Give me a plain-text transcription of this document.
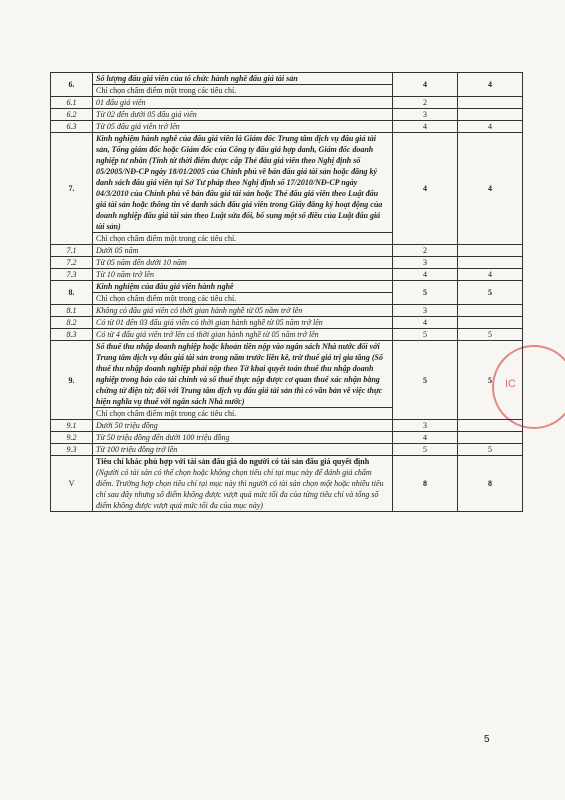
IC
6.	Số lượng đấu giá viên của tổ chức hành nghề đấu giá tài sản	4	4
	Chỉ chọn chấm điểm một trong các tiêu chí.		
6.1	01 đấu giá viên	2	
6.2	Từ 02 đến dưới 05 đấu giá viên	3	
6.3	Từ 05 đấu giá viên trở lên	4	4
7.	Kinh nghiệm hành nghề của đấu giá viên là Giám đốc Trung tâm dịch vụ đấu giá tài sản, Tổng giám đốc hoặc Giám đốc của Công ty đấu giá hợp danh, Giám đốc doanh nghiệp tư nhân (Tính từ thời điểm được cấp Thẻ đấu giá viên theo Nghị định số 05/2005/NĐ-CP ngày 18/01/2005 của Chính phủ về bán đấu giá tài sản hoặc đăng ký danh sách đấu giá viên tại Sở Tư pháp theo Nghị định số 17/2010/NĐ-CP ngày 04/3/2010 của Chính phủ về bán đấu giá tài sản hoặc Thẻ đấu giá viên theo Luật đấu giá tài sản hoặc thông tin về danh sách đấu giá viên trong Giấy đăng ký hoạt động của doanh nghiệp đấu giá tài sản theo Luật sửa đổi, bổ sung một số điều của Luật đấu giá tài sản)	4	4
	Chỉ chọn chấm điểm một trong các tiêu chí.		
7.1	Dưới 05 năm	2	
7.2	Từ 05 năm đến dưới 10 năm	3	
7.3	Từ 10 năm trở lên	4	4
8.	Kinh nghiệm của đấu giá viên hành nghề	5	5
	Chỉ chọn chấm điểm một trong các tiêu chí.		
8.1	Không có đấu giá viên có thời gian hành nghề từ 05 năm trở lên	3	
8.2	Có từ 01 đến 03 đấu giá viên có thời gian hành nghề từ 05 năm trở lên	4	
8.3	Có từ 4 đấu giá viên trở lên có thời gian hành nghề từ 05 năm trở lên	5	5
9.	Số thuế thu nhập doanh nghiệp hoặc khoản tiền nộp vào ngân sách Nhà nước đối với Trung tâm dịch vụ đấu giá tài sản trong năm trước liền kề, trừ thuế giá trị gia tăng (Số thuế thu nhập doanh nghiệp phải nộp theo Tờ khai quyết toán thuế thu nhập doanh nghiệp trong báo cáo tài chính và số thuế thực nộp được cơ quan thuế xác nhận bằng chứng từ điện tử; đối với Trung tâm dịch vụ đấu giá tài sản thì có văn bản về việc thực hiện nghĩa vụ thuế với ngân sách Nhà nước)	5	5
	Chỉ chọn chấm điểm một trong các tiêu chí.		
9.1	Dưới 50 triệu đồng	3	
9.2	Từ 50 triệu đồng đến dưới 100 triệu đồng	4	
9.3	Từ 100 triệu đồng trở lên	5	5
V	Tiêu chí khác phù hợp với tài sản đấu giá do người có tài sản đấu giá quyết định (Người có tài sản có thể chọn hoặc không chọn tiêu chí tại mục này để đánh giá chấm điểm. Trường hợp chọn tiêu chí tại mục này thì người có tài sản chọn một hoặc nhiều tiêu chí sau đây nhưng số điểm không được vượt quá mức tối đa của từng tiêu chí và tổng số điểm không được vượt quá mức tối đa của mục này)	8	8
5
